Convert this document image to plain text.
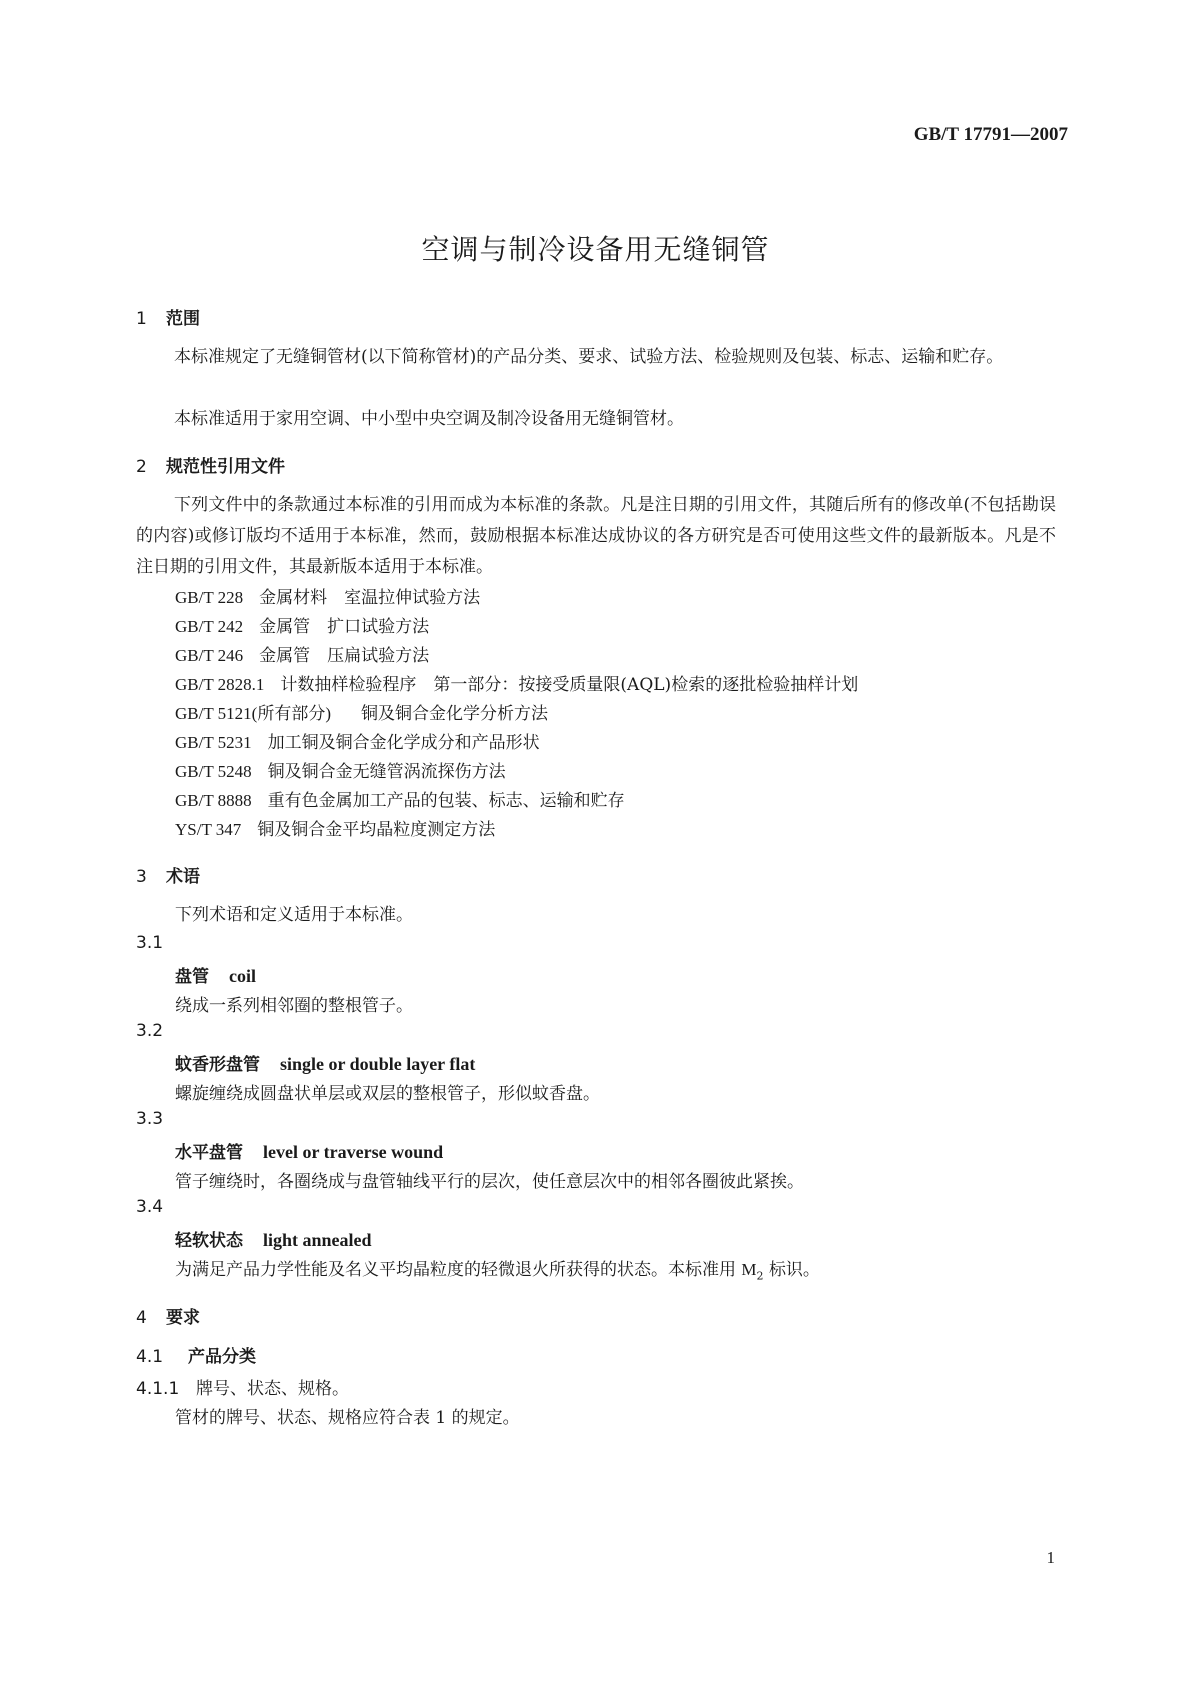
GB/T 17791—2007
空调与制冷设备用无缝铜管
1 范围
本标准规定了无缝铜管材(以下简称管材)的产品分类、要求、试验方法、检验规则及包装、标志、运输和贮存。
本标准适用于家用空调、中小型中央空调及制冷设备用无缝铜管材。
2 规范性引用文件
下列文件中的条款通过本标准的引用而成为本标准的条款。凡是注日期的引用文件，其随后所有的修改单(不包括勘误的内容)或修订版均不适用于本标准，然而，鼓励根据本标准达成协议的各方研究是否可使用这些文件的最新版本。凡是不注日期的引用文件，其最新版本适用于本标准。
GB/T 228 金属材料　室温拉伸试验方法
GB/T 242 金属管　扩口试验方法
GB/T 246 金属管　压扁试验方法
GB/T 2828.1 计数抽样检验程序　第一部分：按接受质量限(AQL)检索的逐批检验抽样计划
GB/T 5121(所有部分) 铜及铜合金化学分析方法
GB/T 5231 加工铜及铜合金化学成分和产品形状
GB/T 5248 铜及铜合金无缝管涡流探伤方法
GB/T 8888 重有色金属加工产品的包装、标志、运输和贮存
YS/T 347 铜及铜合金平均晶粒度测定方法
3 术语
下列术语和定义适用于本标准。
3.1
盘管 coil
绕成一系列相邻圈的整根管子。
3.2
蚊香形盘管 single or double layer flat
螺旋缠绕成圆盘状单层或双层的整根管子，形似蚊香盘。
3.3
水平盘管 level or traverse wound
管子缠绕时，各圈绕成与盘管轴线平行的层次，使任意层次中的相邻各圈彼此紧挨。
3.4
轻软状态 light annealed
为满足产品力学性能及名义平均晶粒度的轻微退火所获得的状态。本标准用 $M_2$ 标识。
4 要求
4.1 产品分类
4.1.1 牌号、状态、规格。
管材的牌号、状态、规格应符合表 1 的规定。
1
